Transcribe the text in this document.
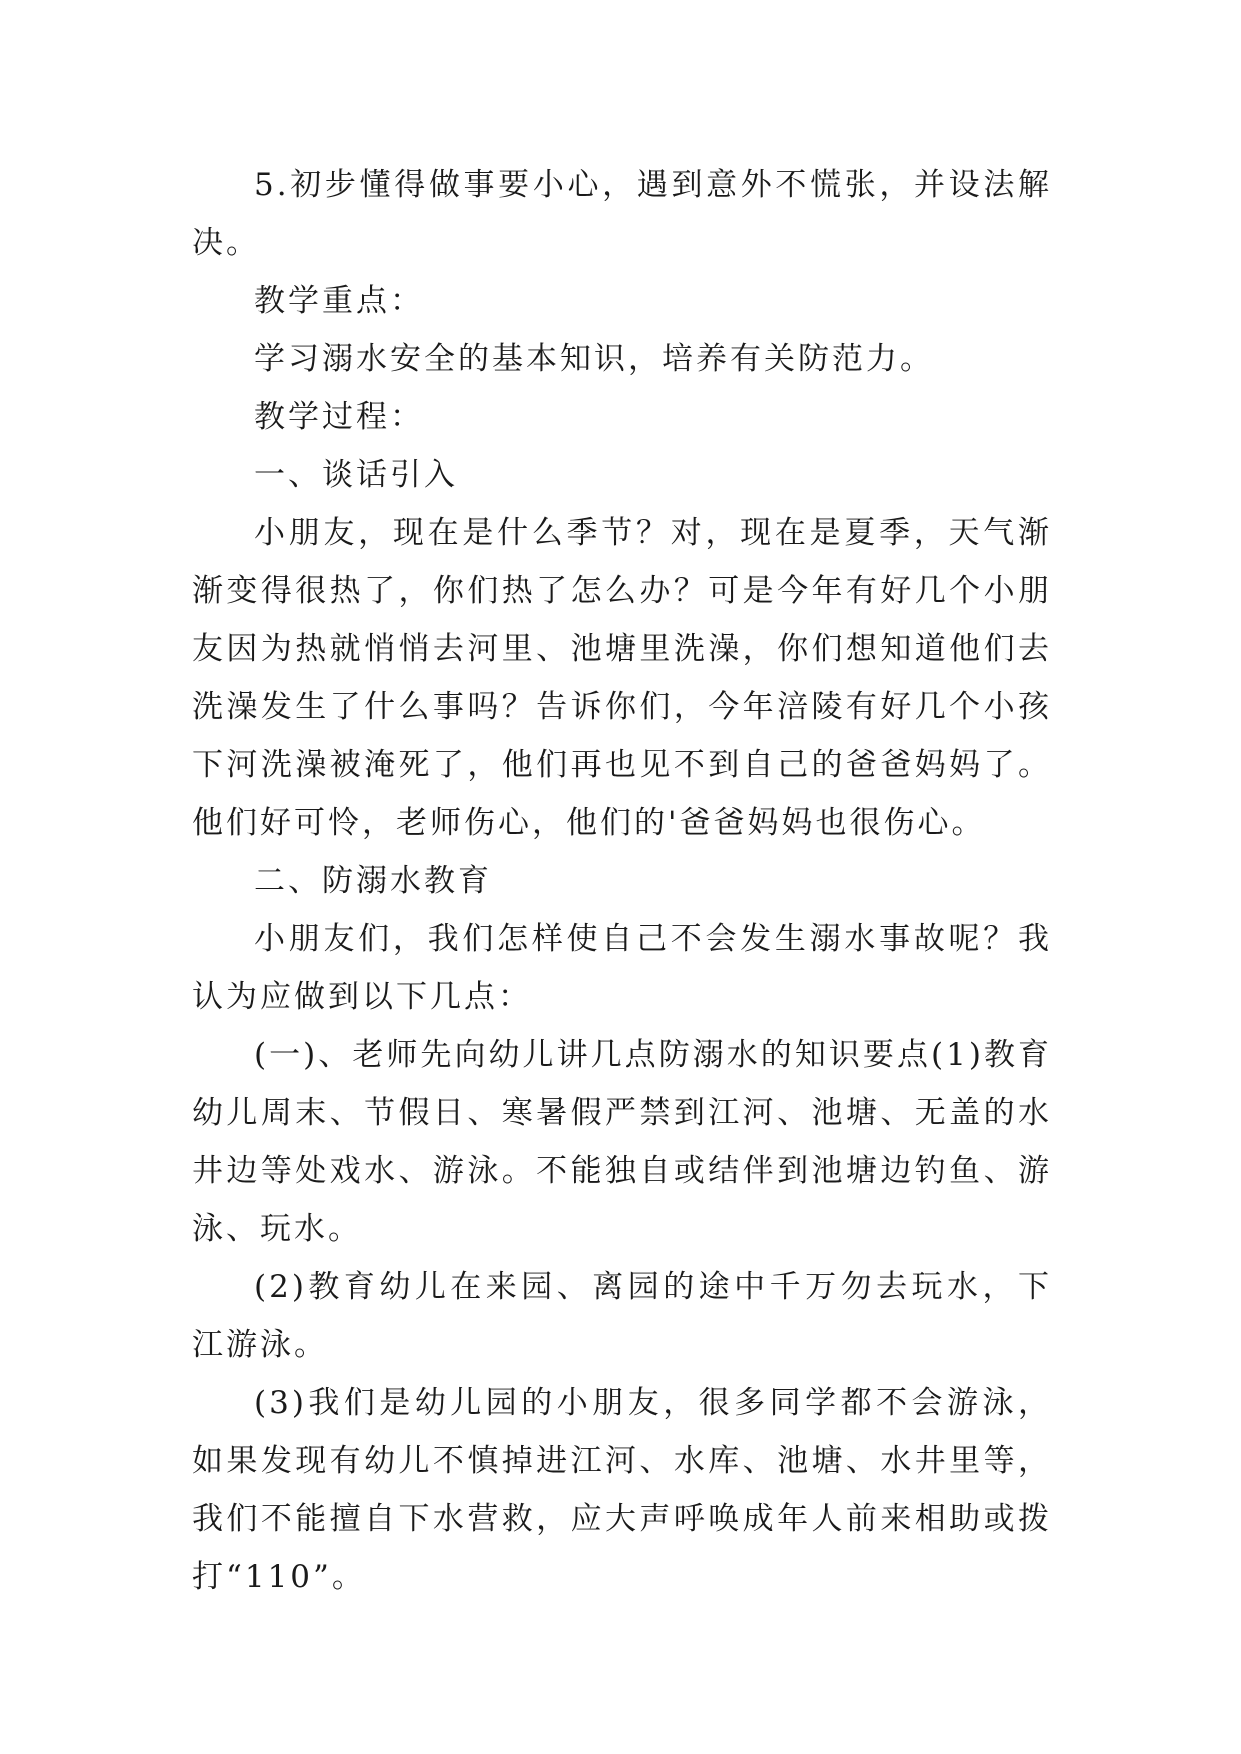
5.初步懂得做事要小心，遇到意外不慌张，并设法解决。

教学重点：

学习溺水安全的基本知识，培养有关防范力。

教学过程：

一、谈话引入

小朋友，现在是什么季节？对，现在是夏季，天气渐渐变得很热了，你们热了怎么办？可是今年有好几个小朋友因为热就悄悄去河里、池塘里洗澡，你们想知道他们去洗澡发生了什么事吗？告诉你们，今年涪陵有好几个小孩下河洗澡被淹死了，他们再也见不到自己的爸爸妈妈了。他们好可怜，老师伤心，他们的'爸爸妈妈也很伤心。

二、防溺水教育

小朋友们，我们怎样使自己不会发生溺水事故呢？我认为应做到以下几点：

(一)、老师先向幼儿讲几点防溺水的知识要点(1)教育幼儿周末、节假日、寒暑假严禁到江河、池塘、无盖的水井边等处戏水、游泳。不能独自或结伴到池塘边钓鱼、游泳、玩水。

(2)教育幼儿在来园、离园的途中千万勿去玩水，下江游泳。

(3)我们是幼儿园的小朋友，很多同学都不会游泳，如果发现有幼儿不慎掉进江河、水库、池塘、水井里等，我们不能擅自下水营救，应大声呼唤成年人前来相助或拨打“110”。
